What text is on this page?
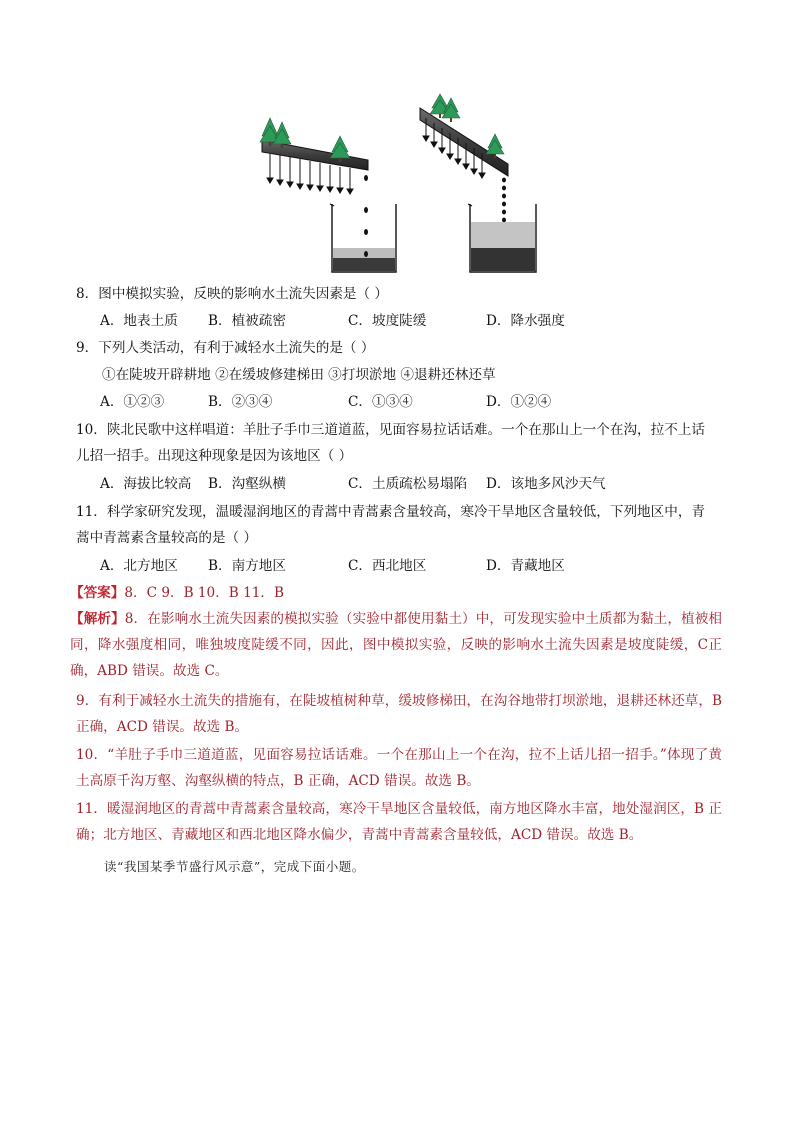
8．图中模拟实验，反映的影响水土流失因素是（ ）
A．地表土质 B．植被疏密	C．坡度陡缓	D．降水强度
9．下列人类活动，有利于减轻水土流失的是（ ）
①在陡坡开辟耕地 ②在缓坡修建梯田 ③打坝淤地 ④退耕还林还草
A．①②③	B．②③④	C．①③④	D．①②④
10．陕北民歌中这样唱道：羊肚子手巾三道道蓝，见面容易拉话话难。一个在那山上一个在沟，拉不上话
儿招一招手。出现这种现象是因为该地区（ ）
A．海拔比较高 B．沟壑纵横	C．土质疏松易塌陷 D．该地多风沙天气
11．科学家研究发现，温暖湿润地区的青蒿中青蒿素含量较高，寒冷干旱地区含量较低，下列地区中，青
蒿中青蒿素含量较高的是（ ）
A．北方地区 B．南方地区	C．西北地区	D．青藏地区
【答案】8．C 9．B 10．B 11．B
【解析】8．在影响水土流失因素的模拟实验（实验中都使用黏土）中，可发现实验中土质都为黏土，植被相同，降水强度相同，唯独坡度陡缓不同，因此，图中模拟实验，反映的影响水土流失因素是坡度陡缓，C正确，ABD 错误。故选 C。
9．有利于减轻水土流失的措施有，在陡坡植树种草，缓坡修梯田，在沟谷地带打坝淤地，退耕还林还草，B 正确，ACD 错误。故选 B。
10．“羊肚子手巾三道道蓝，见面容易拉话话难。一个在那山上一个在沟，拉不上话儿招一招手。”体现了黄土高原千沟万壑、沟壑纵横的特点，B 正确，ACD 错误。故选 B。
11．暖湿润地区的青蒿中青蒿素含量较高，寒冷干旱地区含量较低，南方地区降水丰富，地处湿润区，B 正确；北方地区、青藏地区和西北地区降水偏少，青蒿中青蒿素含量较低，ACD 错误。故选 B。
读“我国某季节盛行风示意”，完成下面小题。
